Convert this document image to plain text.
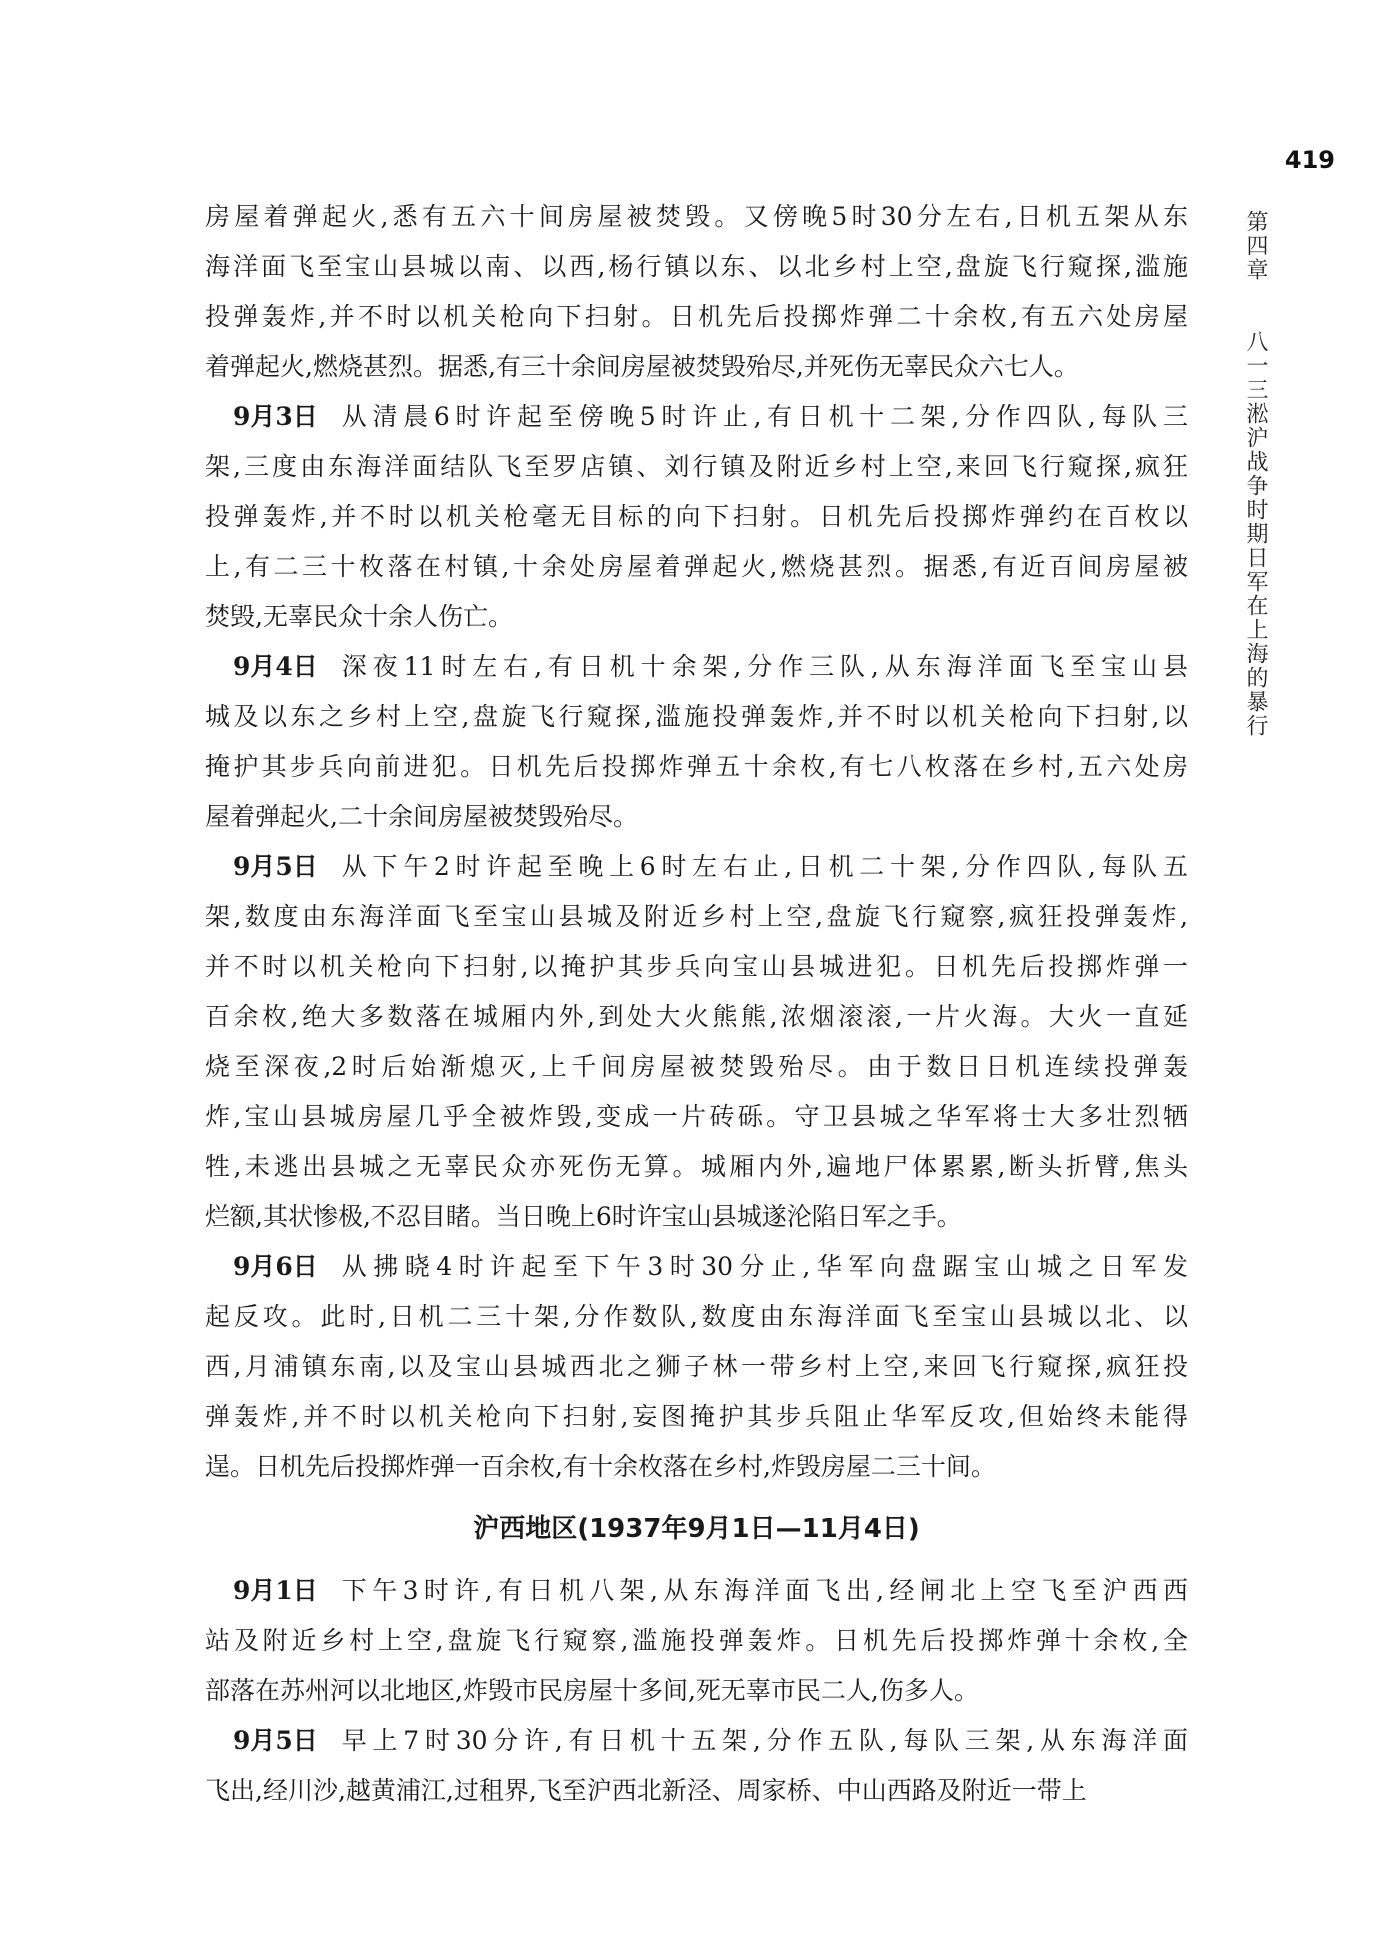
419
第四章  八一三淞沪战争时期日军在上海的暴行
房屋着弹起火,悉有五六十间房屋被焚毁。又傍晚5时30分左右,日机五架从东
海洋面飞至宝山县城以南、以西,杨行镇以东、以北乡村上空,盘旋飞行窥探,滥施
投弹轰炸,并不时以机关枪向下扫射。日机先后投掷炸弹二十余枚,有五六处房屋
着弹起火,燃烧甚烈。据悉,有三十余间房屋被焚毁殆尽,并死伤无辜民众六七人。
9月3日 从清晨6时许起至傍晚5时许止,有日机十二架,分作四队,每队三
架,三度由东海洋面结队飞至罗店镇、刘行镇及附近乡村上空,来回飞行窥探,疯狂
投弹轰炸,并不时以机关枪毫无目标的向下扫射。日机先后投掷炸弹约在百枚以
上,有二三十枚落在村镇,十余处房屋着弹起火,燃烧甚烈。据悉,有近百间房屋被
焚毁,无辜民众十余人伤亡。
9月4日 深夜11时左右,有日机十余架,分作三队,从东海洋面飞至宝山县
城及以东之乡村上空,盘旋飞行窥探,滥施投弹轰炸,并不时以机关枪向下扫射,以
掩护其步兵向前进犯。日机先后投掷炸弹五十余枚,有七八枚落在乡村,五六处房
屋着弹起火,二十余间房屋被焚毁殆尽。
9月5日 从下午2时许起至晚上6时左右止,日机二十架,分作四队,每队五
架,数度由东海洋面飞至宝山县城及附近乡村上空,盘旋飞行窥察,疯狂投弹轰炸,
并不时以机关枪向下扫射,以掩护其步兵向宝山县城进犯。日机先后投掷炸弹一
百余枚,绝大多数落在城厢内外,到处大火熊熊,浓烟滚滚,一片火海。大火一直延
烧至深夜,2时后始渐熄灭,上千间房屋被焚毁殆尽。由于数日日机连续投弹轰
炸,宝山县城房屋几乎全被炸毁,变成一片砖砾。守卫县城之华军将士大多壮烈牺
牲,未逃出县城之无辜民众亦死伤无算。城厢内外,遍地尸体累累,断头折臂,焦头
烂额,其状惨极,不忍目睹。当日晚上6时许宝山县城遂沦陷日军之手。
9月6日 从拂晓4时许起至下午3时30分止,华军向盘踞宝山城之日军发
起反攻。此时,日机二三十架,分作数队,数度由东海洋面飞至宝山县城以北、以
西,月浦镇东南,以及宝山县城西北之狮子林一带乡村上空,来回飞行窥探,疯狂投
弹轰炸,并不时以机关枪向下扫射,妄图掩护其步兵阻止华军反攻,但始终未能得
逞。日机先后投掷炸弹一百余枚,有十余枚落在乡村,炸毁房屋二三十间。
沪西地区(1937年9月1日—11月4日)
9月1日 下午3时许,有日机八架,从东海洋面飞出,经闸北上空飞至沪西西
站及附近乡村上空,盘旋飞行窥察,滥施投弹轰炸。日机先后投掷炸弹十余枚,全
部落在苏州河以北地区,炸毁市民房屋十多间,死无辜市民二人,伤多人。
9月5日 早上7时30分许,有日机十五架,分作五队,每队三架,从东海洋面
飞出,经川沙,越黄浦江,过租界,飞至沪西北新泾、周家桥、中山西路及附近一带上
